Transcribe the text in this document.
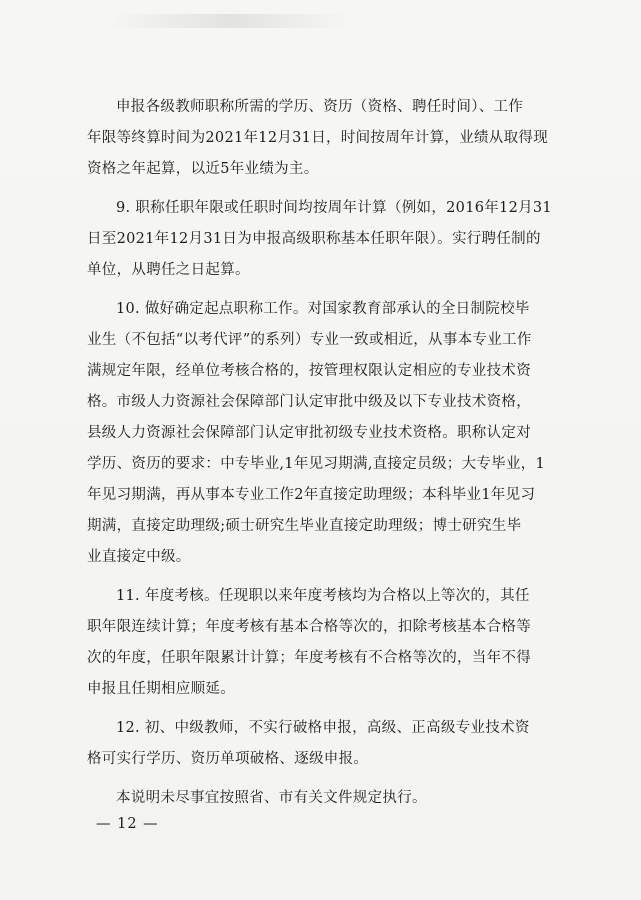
申报各级教师职称所需的学历、资历（资格、聘任时间）、工作
年限等终算时间为2021年12月31日，时间按周年计算，业绩从取得现
资格之年起算，以近5年业绩为主。
9. 职称任职年限或任职时间均按周年计算（例如，2016年12月31
日至2021年12月31日为申报高级职称基本任职年限）。实行聘任制的
单位，从聘任之日起算。
10. 做好确定起点职称工作。对国家教育部承认的全日制院校毕
业生（不包括“以考代评”的系列）专业一致或相近，从事本专业工作
满规定年限，经单位考核合格的，按管理权限认定相应的专业技术资
格。市级人力资源社会保障部门认定审批中级及以下专业技术资格，
县级人力资源社会保障部门认定审批初级专业技术资格。职称认定对
学历、资历的要求：中专毕业,1年见习期满,直接定员级；大专毕业，1
年见习期满，再从事本专业工作2年直接定助理级；本科毕业1年见习
期满，直接定助理级;硕士研究生毕业直接定助理级；博士研究生毕
业直接定中级。
11. 年度考核。任现职以来年度考核均为合格以上等次的，其任
职年限连续计算；年度考核有基本合格等次的，扣除考核基本合格等
次的年度，任职年限累计计算；年度考核有不合格等次的，当年不得
申报且任期相应顺延。
12. 初、中级教师，不实行破格申报，高级、正高级专业技术资
格可实行学历、资历单项破格、逐级申报。
本说明未尽事宜按照省、市有关文件规定执行。
— 12 —
